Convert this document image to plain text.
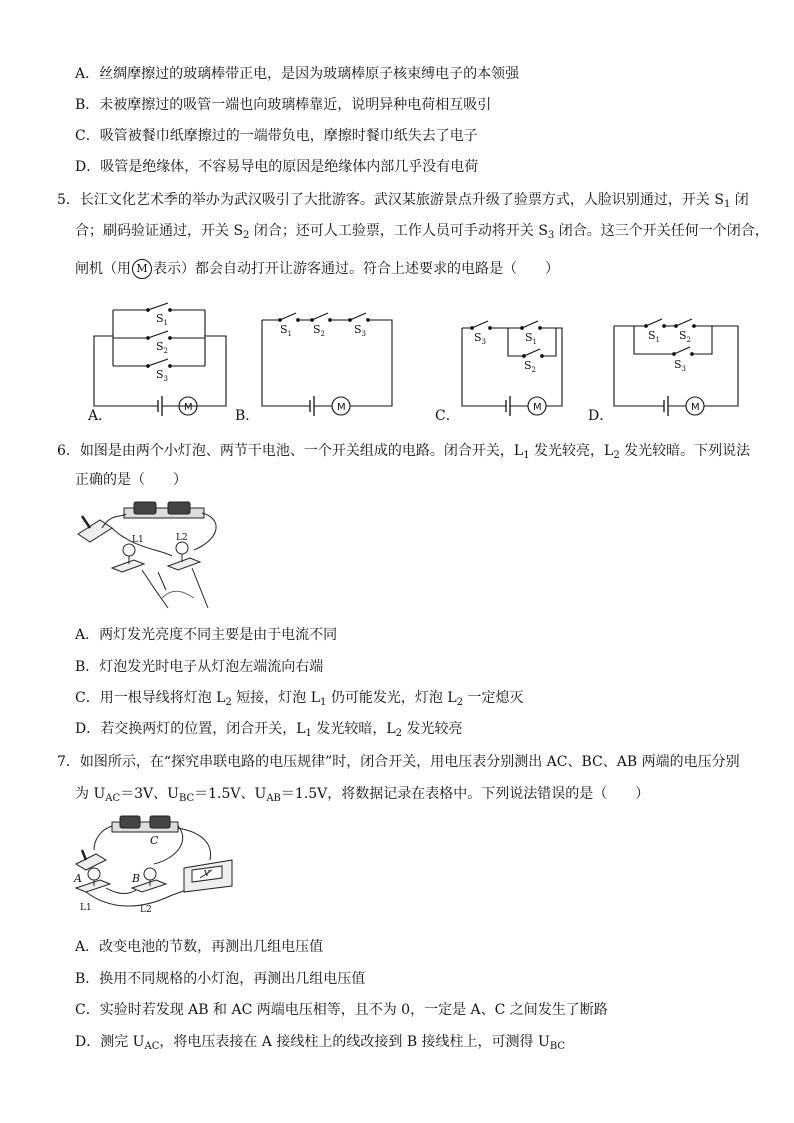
A．丝绸摩擦过的玻璃棒带正电，是因为玻璃棒原子核束缚电子的本领强
B．未被摩擦过的吸管一端也向玻璃棒靠近，说明异种电荷相互吸引
C．吸管被餐巾纸摩擦过的一端带负电，摩擦时餐巾纸失去了电子
D．吸管是绝缘体，不容易导电的原因是绝缘体内部几乎没有电荷
5．长江文化艺术季的举办为武汉吸引了大批游客。武汉某旅游景点升级了验票方式，人脸识别通过，开关 $S_1$ 闭
合；刷码验证通过，开关 $S_2$ 闭合；还可人工验票，工作人员可手动将开关 $S_3$ 闭合。这三个开关任何一个闭合，
闸机（用 M 表示）都会自动打开让游客通过。符合上述要求的电路是（　　）
M
$S_1$
$S_2$
$S_3$
A．
M
$S_1$ $S_2$	$S_3$
B．
M
$S_3$	$S_1$
$S_2$
C．
M
$S_1$ $S_2$
$S_3$
D．
6．如图是由两个小灯泡、两节干电池、一个开关组成的电路。闭合开关，$L_1$ 发光较亮，$L_2$ 发光较暗。下列说法
正确的是（　　）
L1	L2
A．两灯发光亮度不同主要是由于电流不同
B．灯泡发光时电子从灯泡左端流向右端
C．用一根导线将灯泡 $L_2$ 短接，灯泡 $L_1$ 仍可能发光，灯泡 $L_2$ 一定熄灭
D．若交换两灯的位置，闭合开关，$L_1$ 发光较暗，$L_2$ 发光较亮
7．如图所示，在“探究串联电路的电压规律”时，闭合开关，用电压表分别测出 AC、BC、AB 两端的电压分别
为 $U_{AC}=3V$、$U_{BC}=1.5V$、$U_{AB}=1.5V$，将数据记录在表格中。下列说法错误的是（　　）
A	B
C
L1	L2
V
A．改变电池的节数，再测出几组电压值
B．换用不同规格的小灯泡，再测出几组电压值
C．实验时若发现 AB 和 AC 两端电压相等，且不为 0，一定是 A、C 之间发生了断路
D．测完 $U_{AC}$，将电压表接在 A 接线柱上的线改接到 B 接线柱上，可测得 $U_{BC}$
